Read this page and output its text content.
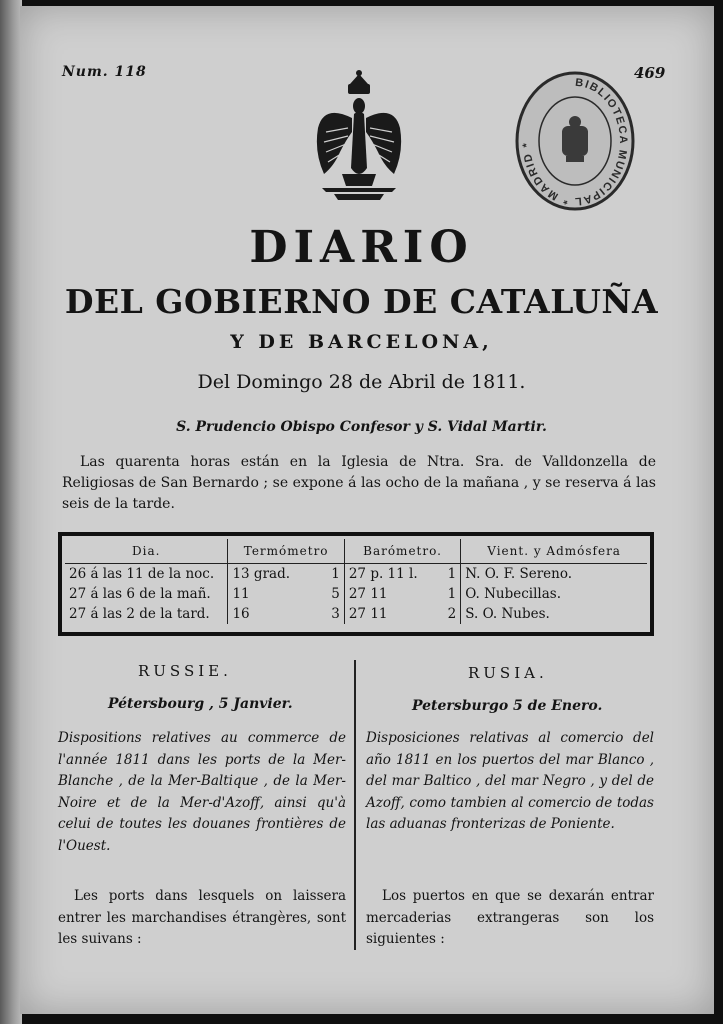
Num. 118	469
BIBLIOTECA MUNICIPAL * MADRID *
DIARIO
DEL GOBIERNO DE CATALUÑA
Y DE BARCELONA,
Del Domingo 28 de Abril de 1811.
S. Prudencio Obispo Confesor y S. Vidal Martir.
Las quarenta horas están en la Iglesia de Ntra. Sra. de Valldonzella de Religiosas de San Bernardo ; se expone á las ocho de la mañana , y se reserva á las seis de la tarde.
Dia.	Termómetro	Barómetro.	Vient. y Admósfera
26 á las 11 de la noc.	13 grad. 1	27 p. 11 l. 1	N. O. F. Sereno.
27 á las 6 de la mañ.	11 5	27 11 1	O. Nubecillas.
27 á las 2 de la tard.	16 3	27 11 2	S. O. Nubes.
RUSSIE.
Pétersbourg , 5 Janvier.
Dispositions relatives au commerce de l'année 1811 dans les ports de la Mer-Blanche , de la Mer-Baltique , de la Mer-Noire et de la Mer-d'Azoff, ainsi qu'à celui de toutes les douanes frontières de l'Ouest.
Les ports dans lesquels on laissera entrer les marchandises étrangères, sont les suivans :
RUSIA.
Petersburgo 5 de Enero.
Disposiciones relativas al comercio del año 1811 en los puertos del mar Blanco , del mar Baltico , del mar Negro , y del de Azoff, como tambien al comercio de todas las aduanas fronterizas de Poniente.
Los puertos en que se dexarán entrar mercaderias extrangeras son los siguientes :
